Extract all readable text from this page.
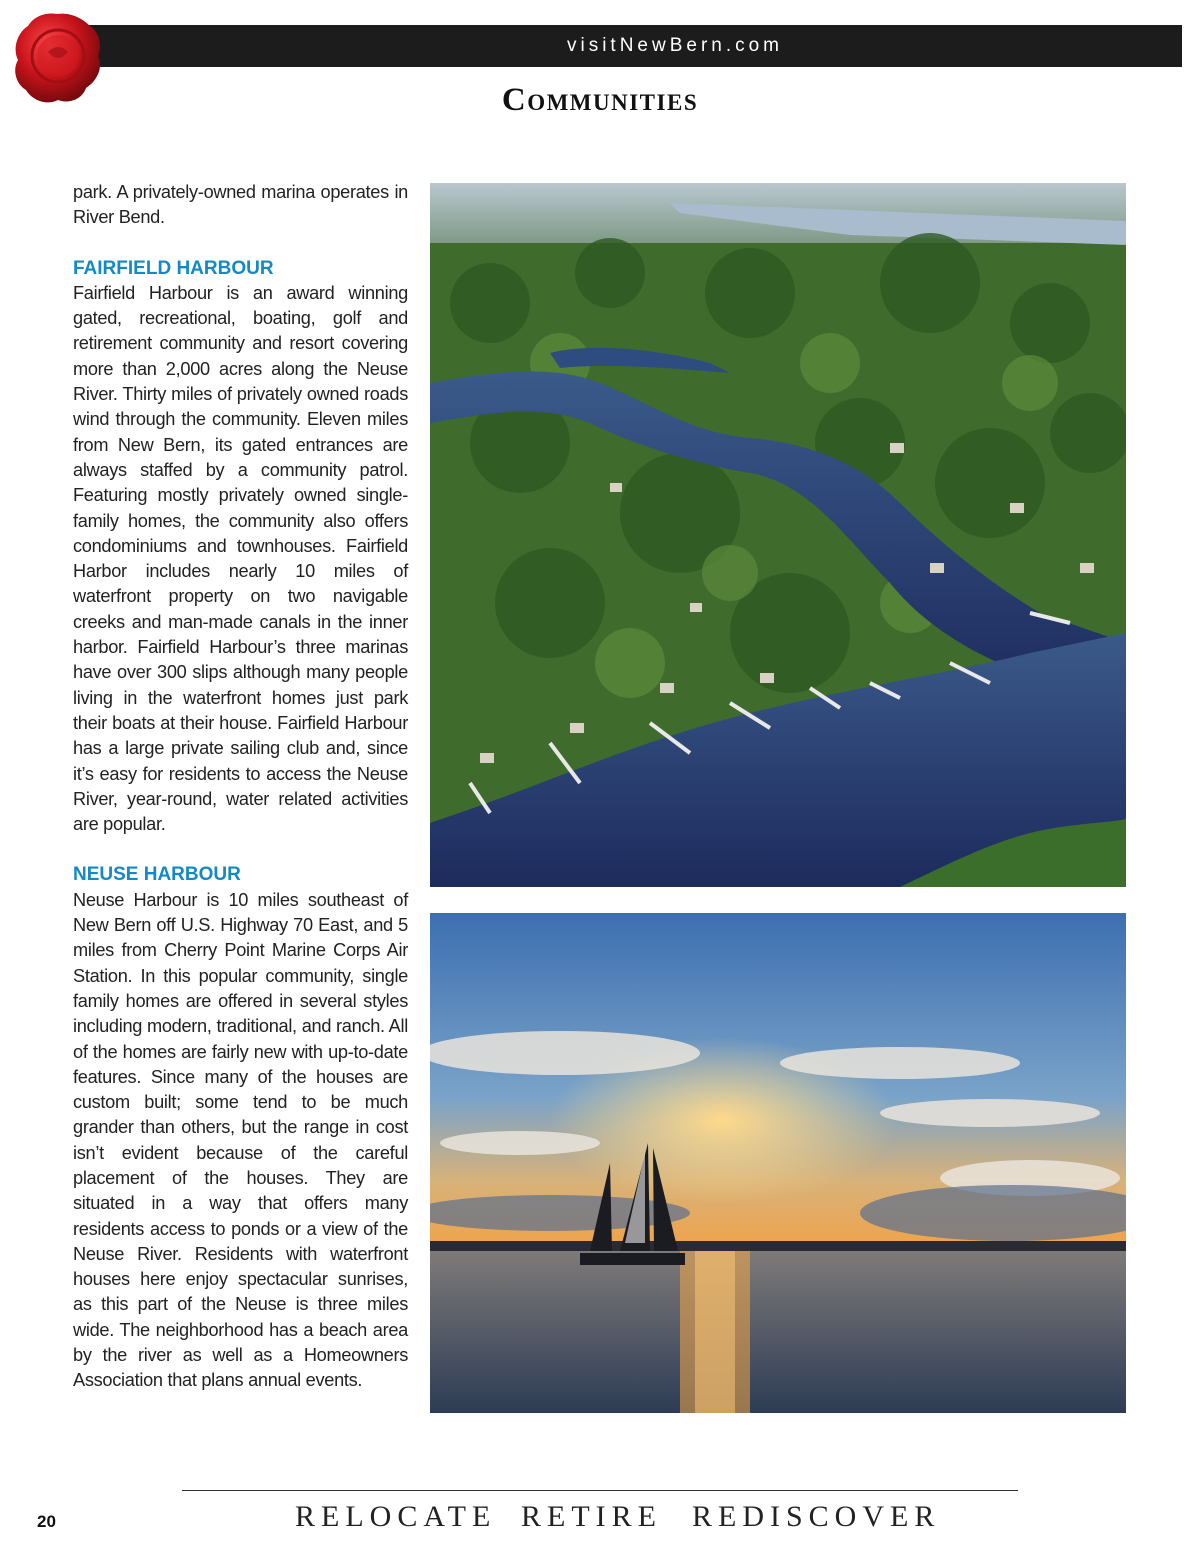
visitNewBern.com
Communities

park. A privately-owned marina operates in River Bend.

FAIRFIELD HARBOUR

Fairfield Harbour is an award winning gated, recreational, boating, golf and retirement community and resort covering more than 2,000 acres along the Neuse River. Thirty miles of privately owned roads wind through the community. Eleven miles from New Bern, its gated entrances are always staffed by a community patrol. Featuring mostly privately owned single-family homes, the community also offers condominiums and townhouses. Fairfield Harbor includes nearly 10 miles of waterfront property on two navigable creeks and man-made canals in the inner harbor. Fairfield Harbour’s three marinas have over 300 slips although many people living in the waterfront homes just park their boats at their house. Fairfield Harbour has a large private sailing club and, since it’s easy for residents to access the Neuse River, year-round, water related activities are popular.

NEUSE HARBOUR

Neuse Harbour is 10 miles southeast of New Bern off U.S. Highway 70 East, and 5 miles from Cherry Point Marine Corps Air Station. In this popular community, single family homes are offered in several styles including modern, traditional, and ranch. All of the homes are fairly new with up-to-date features. Since many of the houses are custom built; some tend to be much grander than others, but the range in cost isn’t evident because of the careful placement of the houses. They are situated in a way that offers many residents access to ponds or a view of the Neuse River. Residents with waterfront houses here enjoy spectacular sunrises, as this part of the Neuse is three miles wide. The neighborhood has a beach area by the river as well as a Homeowners Association that plans annual events.

20	RELOCATE RETIRE REDISCOVER
